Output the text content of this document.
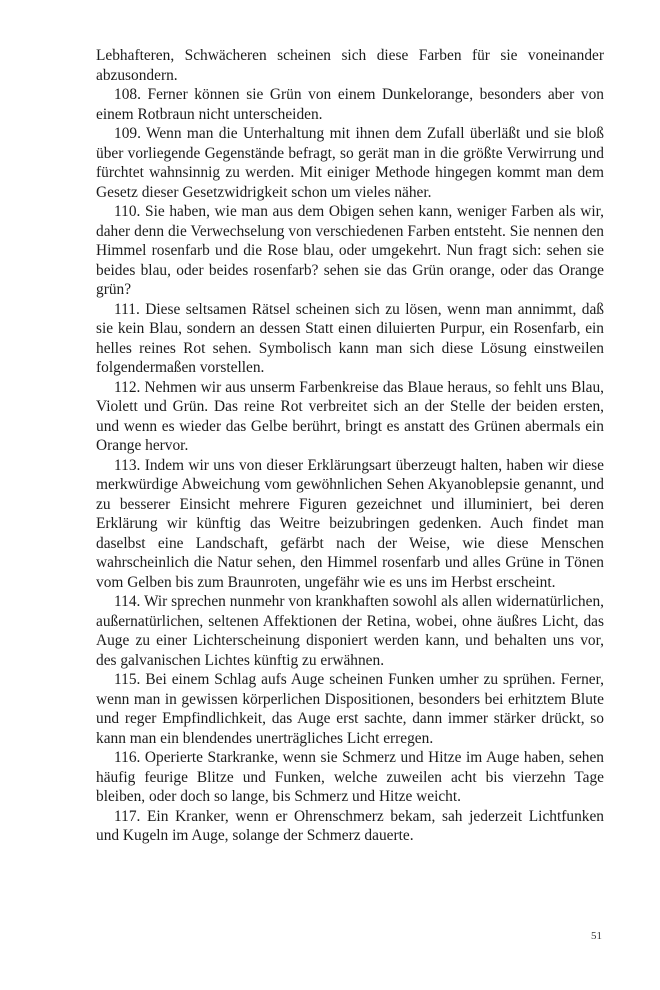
Lebhafteren, Schwächeren scheinen sich diese Farben für sie voneinander abzusondern.

108. Ferner können sie Grün von einem Dunkelorange, besonders aber von einem Rotbraun nicht unterscheiden.

109. Wenn man die Unterhaltung mit ihnen dem Zufall überläßt und sie bloß über vorliegende Gegenstände befragt, so gerät man in die größte Verwirrung und fürchtet wahnsinnig zu werden. Mit einiger Methode hingegen kommt man dem Gesetz dieser Gesetzwidrigkeit schon um vieles näher.

110. Sie haben, wie man aus dem Obigen sehen kann, weniger Farben als wir, daher denn die Verwechselung von verschiedenen Farben entsteht. Sie nennen den Himmel rosenfarb und die Rose blau, oder umgekehrt. Nun fragt sich: sehen sie beides blau, oder beides rosenfarb? sehen sie das Grün orange, oder das Orange grün?

111. Diese seltsamen Rätsel scheinen sich zu lösen, wenn man annimmt, daß sie kein Blau, sondern an dessen Statt einen diluierten Purpur, ein Rosenfarb, ein helles reines Rot sehen. Symbolisch kann man sich diese Lösung einstweilen folgendermaßen vorstellen.

112. Nehmen wir aus unserm Farbenkreise das Blaue heraus, so fehlt uns Blau, Violett und Grün. Das reine Rot verbreitet sich an der Stelle der beiden ersten, und wenn es wieder das Gelbe berührt, bringt es anstatt des Grünen abermals ein Orange hervor.

113. Indem wir uns von dieser Erklärungsart überzeugt halten, haben wir diese merkwürdige Abweichung vom gewöhnlichen Sehen Akyanoblepsie genannt, und zu besserer Einsicht mehrere Figuren gezeichnet und illuminiert, bei deren Erklärung wir künftig das Weitre beizubringen gedenken. Auch findet man daselbst eine Landschaft, gefärbt nach der Weise, wie diese Menschen wahrscheinlich die Natur sehen, den Himmel rosenfarb und alles Grüne in Tönen vom Gelben bis zum Braunroten, ungefähr wie es uns im Herbst erscheint.

114. Wir sprechen nunmehr von krankhaften sowohl als allen widernatürlichen, außernatürlichen, seltenen Affektionen der Retina, wobei, ohne äußres Licht, das Auge zu einer Lichterscheinung disponiert werden kann, und behalten uns vor, des galvanischen Lichtes künftig zu erwähnen.

115. Bei einem Schlag aufs Auge scheinen Funken umher zu sprühen. Ferner, wenn man in gewissen körperlichen Dispositionen, besonders bei erhitztem Blute und reger Empfindlichkeit, das Auge erst sachte, dann immer stärker drückt, so kann man ein blendendes unerträgliches Licht erregen.

116. Operierte Starkranke, wenn sie Schmerz und Hitze im Auge haben, sehen häufig feurige Blitze und Funken, welche zuweilen acht bis vierzehn Tage bleiben, oder doch so lange, bis Schmerz und Hitze weicht.

117. Ein Kranker, wenn er Ohrenschmerz bekam, sah jederzeit Lichtfunken und Kugeln im Auge, solange der Schmerz dauerte.

51
